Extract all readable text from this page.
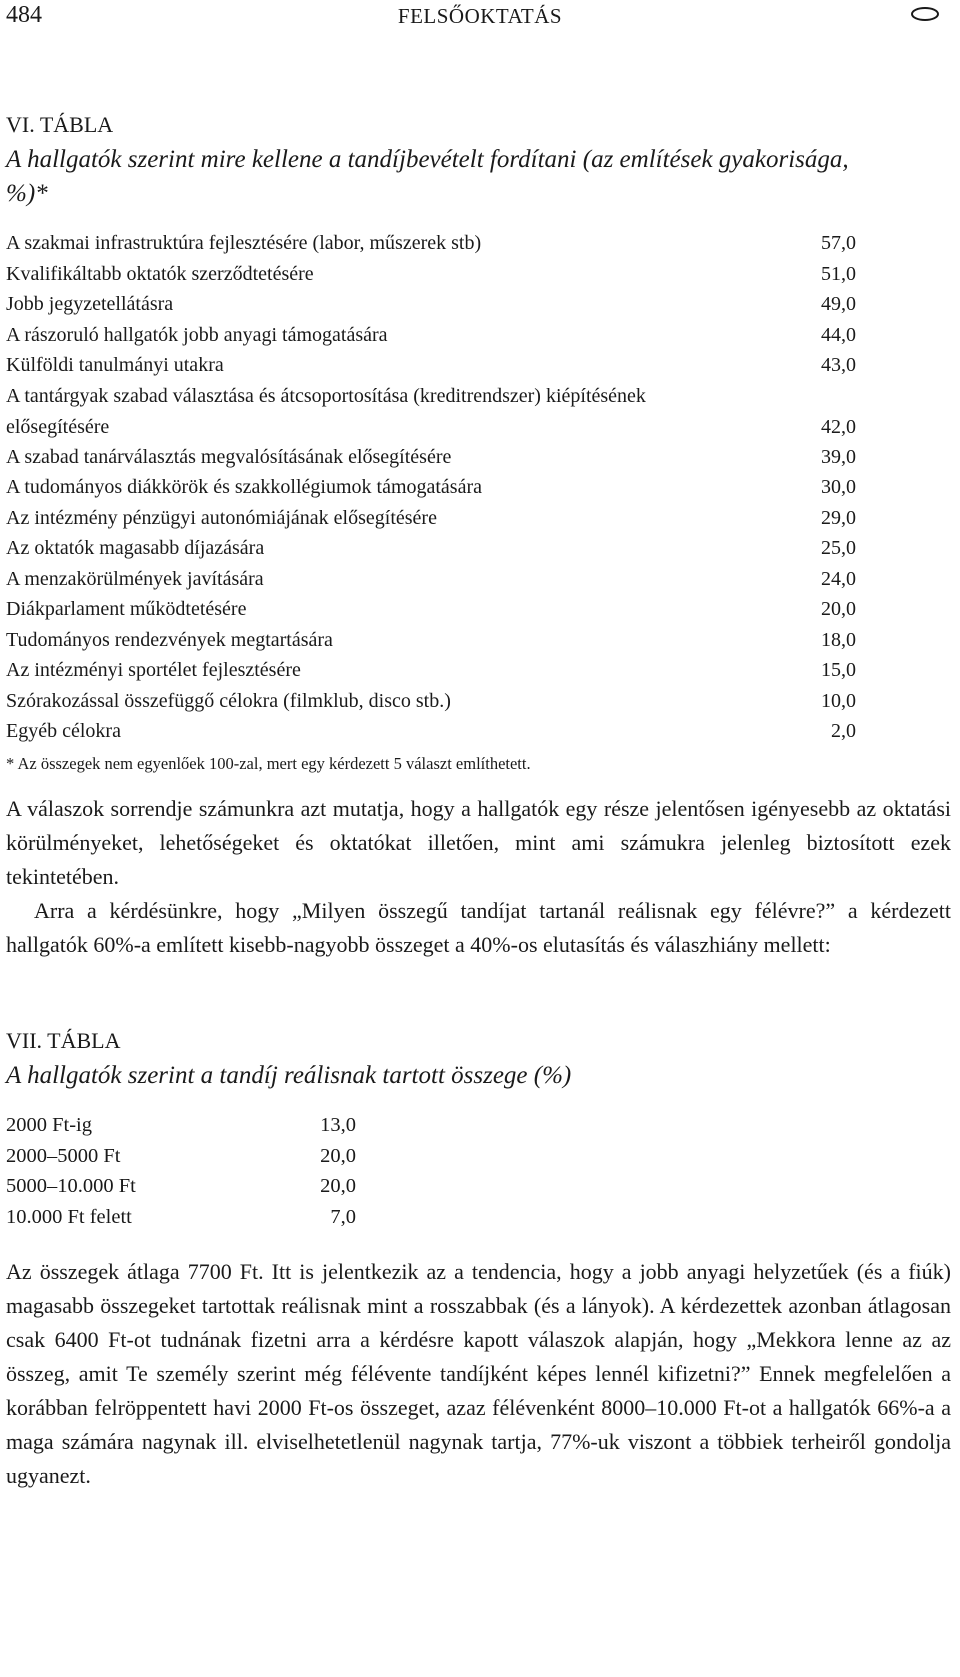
484	FELSŐOKTATÁS
VI. TÁBLA
A hallgatók szerint mire kellene a tandíjbevételt fordítani (az említések gyakorisága, %)*
A szakmai infrastruktúra fejlesztésére (labor, műszerek stb)	57,0
Kvalifikáltabb oktatók szerződtetésére	51,0
Jobb jegyzetellátásra	49,0
A rászoruló hallgatók jobb anyagi támogatására	44,0
Külföldi tanulmányi utakra	43,0
A tantárgyak szabad választása és átcsoportosítása (kreditrendszer) kiépítésének elősegítésére	42,0
A szabad tanárválasztás megvalósításának elősegítésére	39,0
A tudományos diákkörök és szakkollégiumok támogatására	30,0
Az intézmény pénzügyi autonómiájának elősegítésére	29,0
Az oktatók magasabb díjazására	25,0
A menzakörülmények javítására	24,0
Diákparlament működtetésére	20,0
Tudományos rendezvények megtartására	18,0
Az intézményi sportélet fejlesztésére	15,0
Szórakozással összefüggő célokra (filmklub, disco stb.)	10,0
Egyéb célokra	2,0
* Az összegek nem egyenlőek 100-zal, mert egy kérdezett 5 választ említhetett.
A válaszok sorrendje számunkra azt mutatja, hogy a hallgatók egy része jelentősen igényesebb az oktatási körülményeket, lehetőségeket és oktatókat illetően, mint ami számukra jelenleg biztosított ezek tekintetében.
Arra a kérdésünkre, hogy „Milyen összegű tandíjat tartanál reálisnak egy félévre?” a kérdezett hallgatók 60%-a említett kisebb-nagyobb összeget a 40%-os elutasítás és válaszhiány mellett:
VII. TÁBLA
A hallgatók szerint a tandíj reálisnak tartott összege (%)
2000 Ft-ig	13,0
2000–5000 Ft	20,0
5000–10.000 Ft	20,0
10.000 Ft felett	7,0
Az összegek átlaga 7700 Ft. Itt is jelentkezik az a tendencia, hogy a jobb anyagi helyzetűek (és a fiúk) magasabb összegeket tartottak reálisnak mint a rosszabbak (és a lányok). A kérdezettek azonban átlagosan csak 6400 Ft-ot tudnának fizetni arra a kérdésre kapott válaszok alapján, hogy „Mekkora lenne az az összeg, amit Te személy szerint még félévente tandíjként képes lennél kifizetni?” Ennek megfelelően a korábban felröppentett havi 2000 Ft-os összeget, azaz félévenként 8000–10.000 Ft-ot a hallgatók 66%-a a maga számára nagynak ill. elviselhetetlenül nagynak tartja, 77%-uk viszont a többiek terheiről gondolja ugyanezt.
